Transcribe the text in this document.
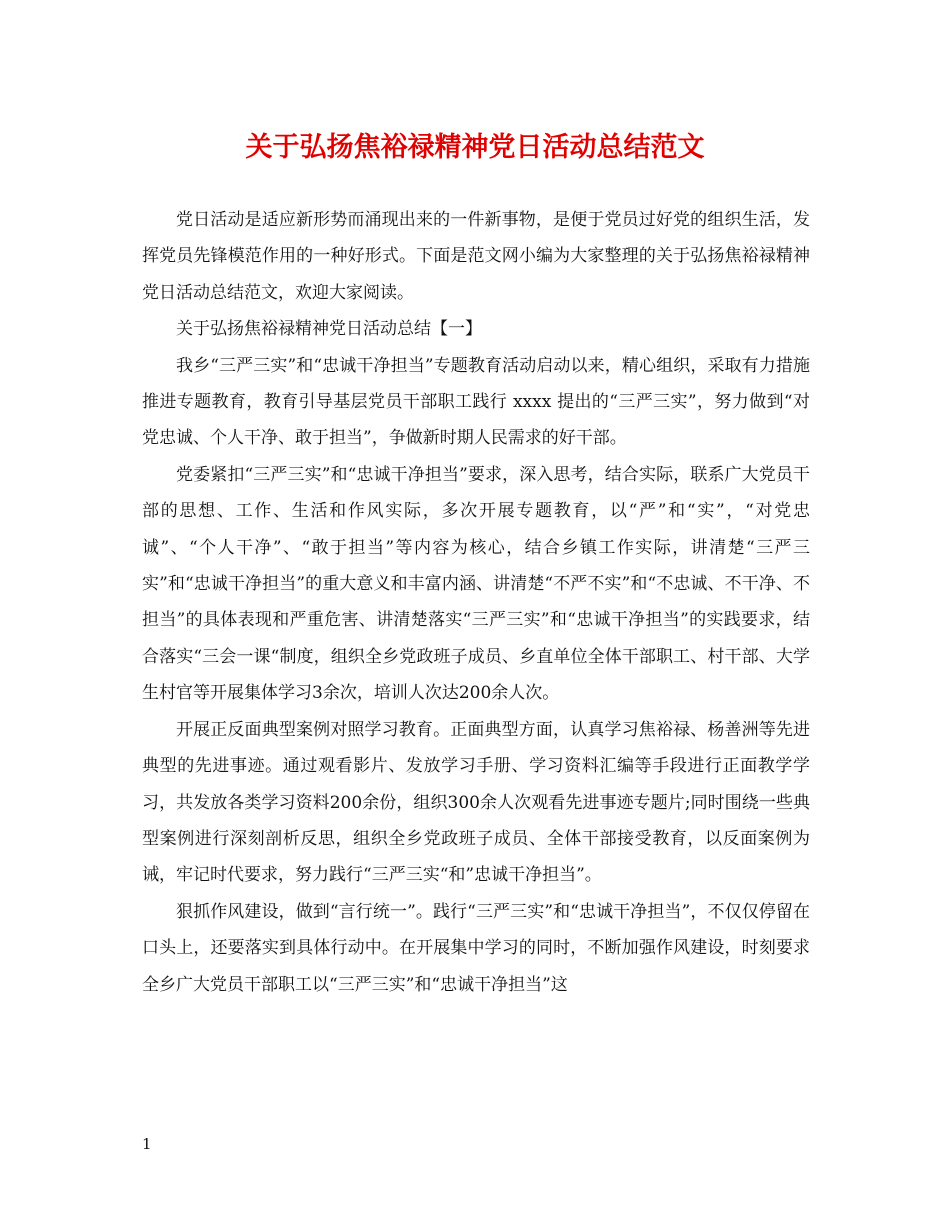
关于弘扬焦裕禄精神党日活动总结范文

党日活动是适应新形势而涌现出来的一件新事物，是便于党员过好党的组织生活，发挥党员先锋模范作用的一种好形式。下面是范文网小编为大家整理的关于弘扬焦裕禄精神党日活动总结范文，欢迎大家阅读。

关于弘扬焦裕禄精神党日活动总结【一】

我乡“三严三实”和“忠诚干净担当”专题教育活动启动以来，精心组织，采取有力措施推进专题教育，教育引导基层党员干部职工践行 xxxx 提出的“三严三实”，努力做到“对党忠诚、个人干净、敢于担当”，争做新时期人民需求的好干部。

党委紧扣“三严三实”和“忠诚干净担当”要求，深入思考，结合实际，联系广大党员干部的思想、工作、生活和作风实际，多次开展专题教育，以“严”和“实”，“对党忠诚”、“个人干净”、“敢于担当”等内容为核心，结合乡镇工作实际，讲清楚“三严三实”和“忠诚干净担当”的重大意义和丰富内涵、讲清楚“不严不实”和“不忠诚、不干净、不担当”的具体表现和严重危害、讲清楚落实“三严三实”和“忠诚干净担当”的实践要求，结合落实“三会一课“制度，组织全乡党政班子成员、乡直单位全体干部职工、村干部、大学生村官等开展集体学习3余次，培训人次达200余人次。

开展正反面典型案例对照学习教育。正面典型方面，认真学习焦裕禄、杨善洲等先进典型的先进事迹。通过观看影片、发放学习手册、学习资料汇编等手段进行正面教学学习，共发放各类学习资料200余份，组织300余人次观看先进事迹专题片;同时围绕一些典型案例进行深刻剖析反思，组织全乡党政班子成员、全体干部接受教育，以反面案例为诫，牢记时代要求，努力践行“三严三实“和”忠诚干净担当”。

狠抓作风建设，做到“言行统一”。践行“三严三实”和“忠诚干净担当”，不仅仅停留在口头上，还要落实到具体行动中。在开展集中学习的同时，不断加强作风建设，时刻要求全乡广大党员干部职工以“三严三实”和“忠诚干净担当”这

1
